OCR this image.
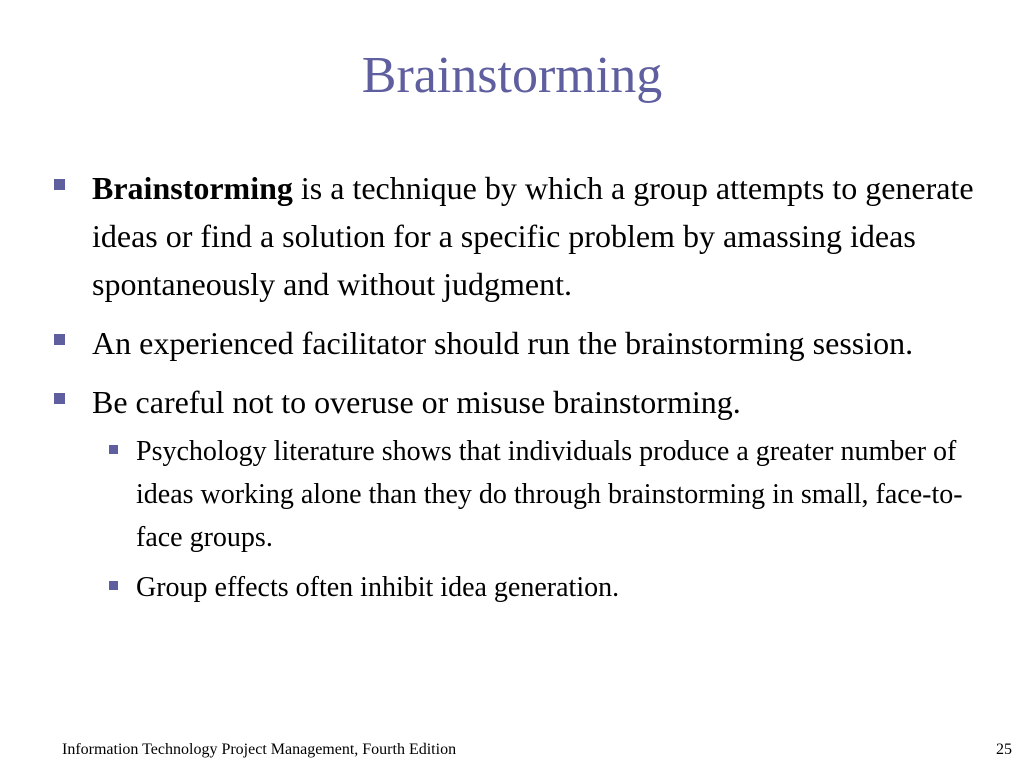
Brainstorming
Brainstorming is a technique by which a group attempts to generate ideas or find a solution for a specific problem by amassing ideas spontaneously and without judgment.
An experienced facilitator should run the brainstorming session.
Be careful not to overuse or misuse brainstorming.
Psychology literature shows that individuals produce a greater number of ideas working alone than they do through brainstorming in small, face-to-face groups.
Group effects often inhibit idea generation.
Information Technology Project Management, Fourth Edition	25
